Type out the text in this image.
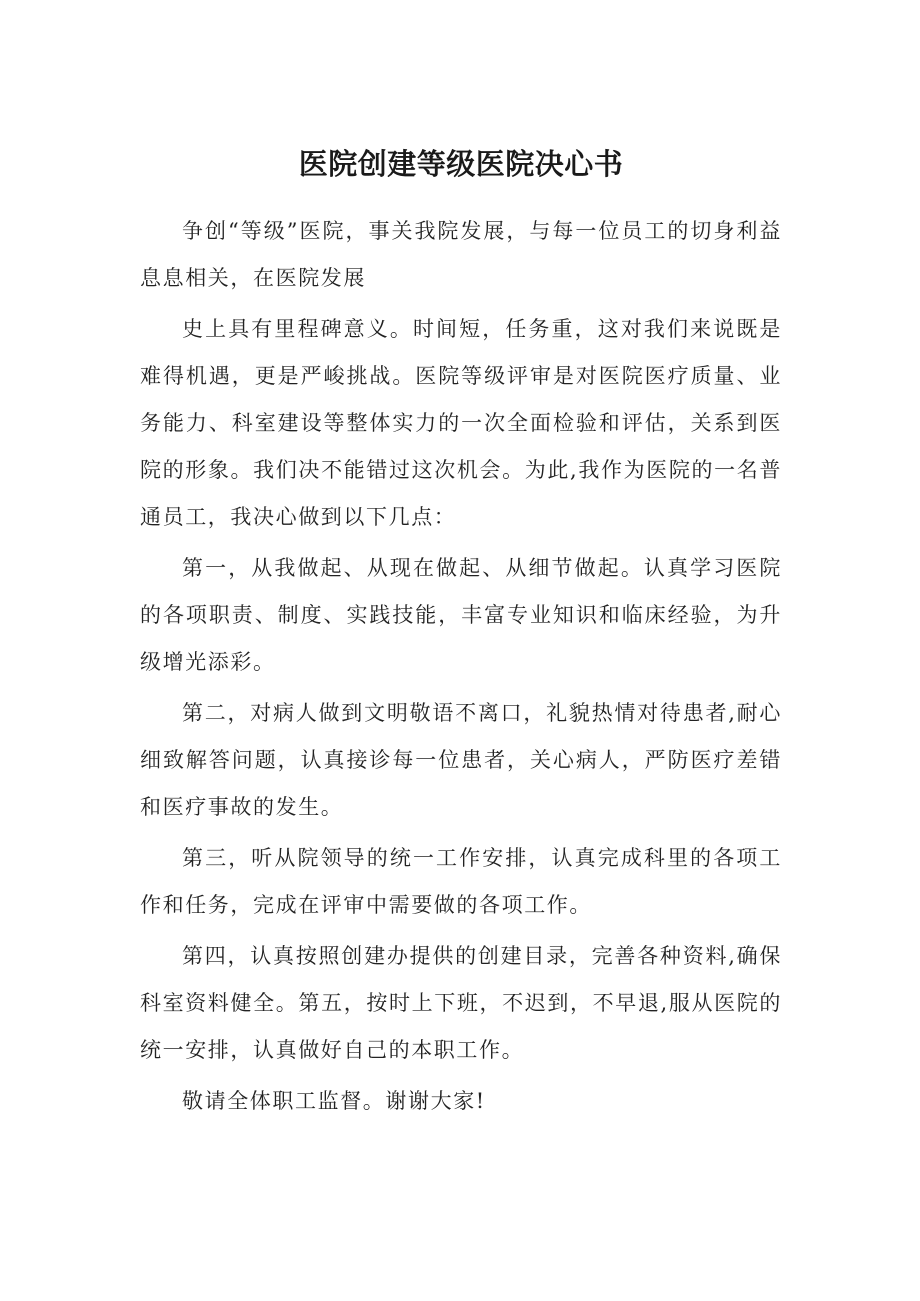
医院创建等级医院决心书

争创“等级”医院，事关我院发展，与每一位员工的切身利益息息相关，在医院发展

史上具有里程碑意义。时间短，任务重，这对我们来说既是难得机遇，更是严峻挑战。医院等级评审是对医院医疗质量、业务能力、科室建设等整体实力的一次全面检验和评估，关系到医院的形象。我们决不能错过这次机会。为此,我作为医院的一名普通员工，我决心做到以下几点：

第一，从我做起、从现在做起、从细节做起。认真学习医院的各项职责、制度、实践技能，丰富专业知识和临床经验，为升级增光添彩。

第二，对病人做到文明敬语不离口，礼貌热情对待患者,耐心细致解答问题，认真接诊每一位患者，关心病人，严防医疗差错和医疗事故的发生。

第三，听从院领导的统一工作安排，认真完成科里的各项工作和任务，完成在评审中需要做的各项工作。

第四，认真按照创建办提供的创建目录，完善各种资料,确保科室资料健全。第五，按时上下班，不迟到，不早退,服从医院的统一安排，认真做好自己的本职工作。

敬请全体职工监督。谢谢大家!
